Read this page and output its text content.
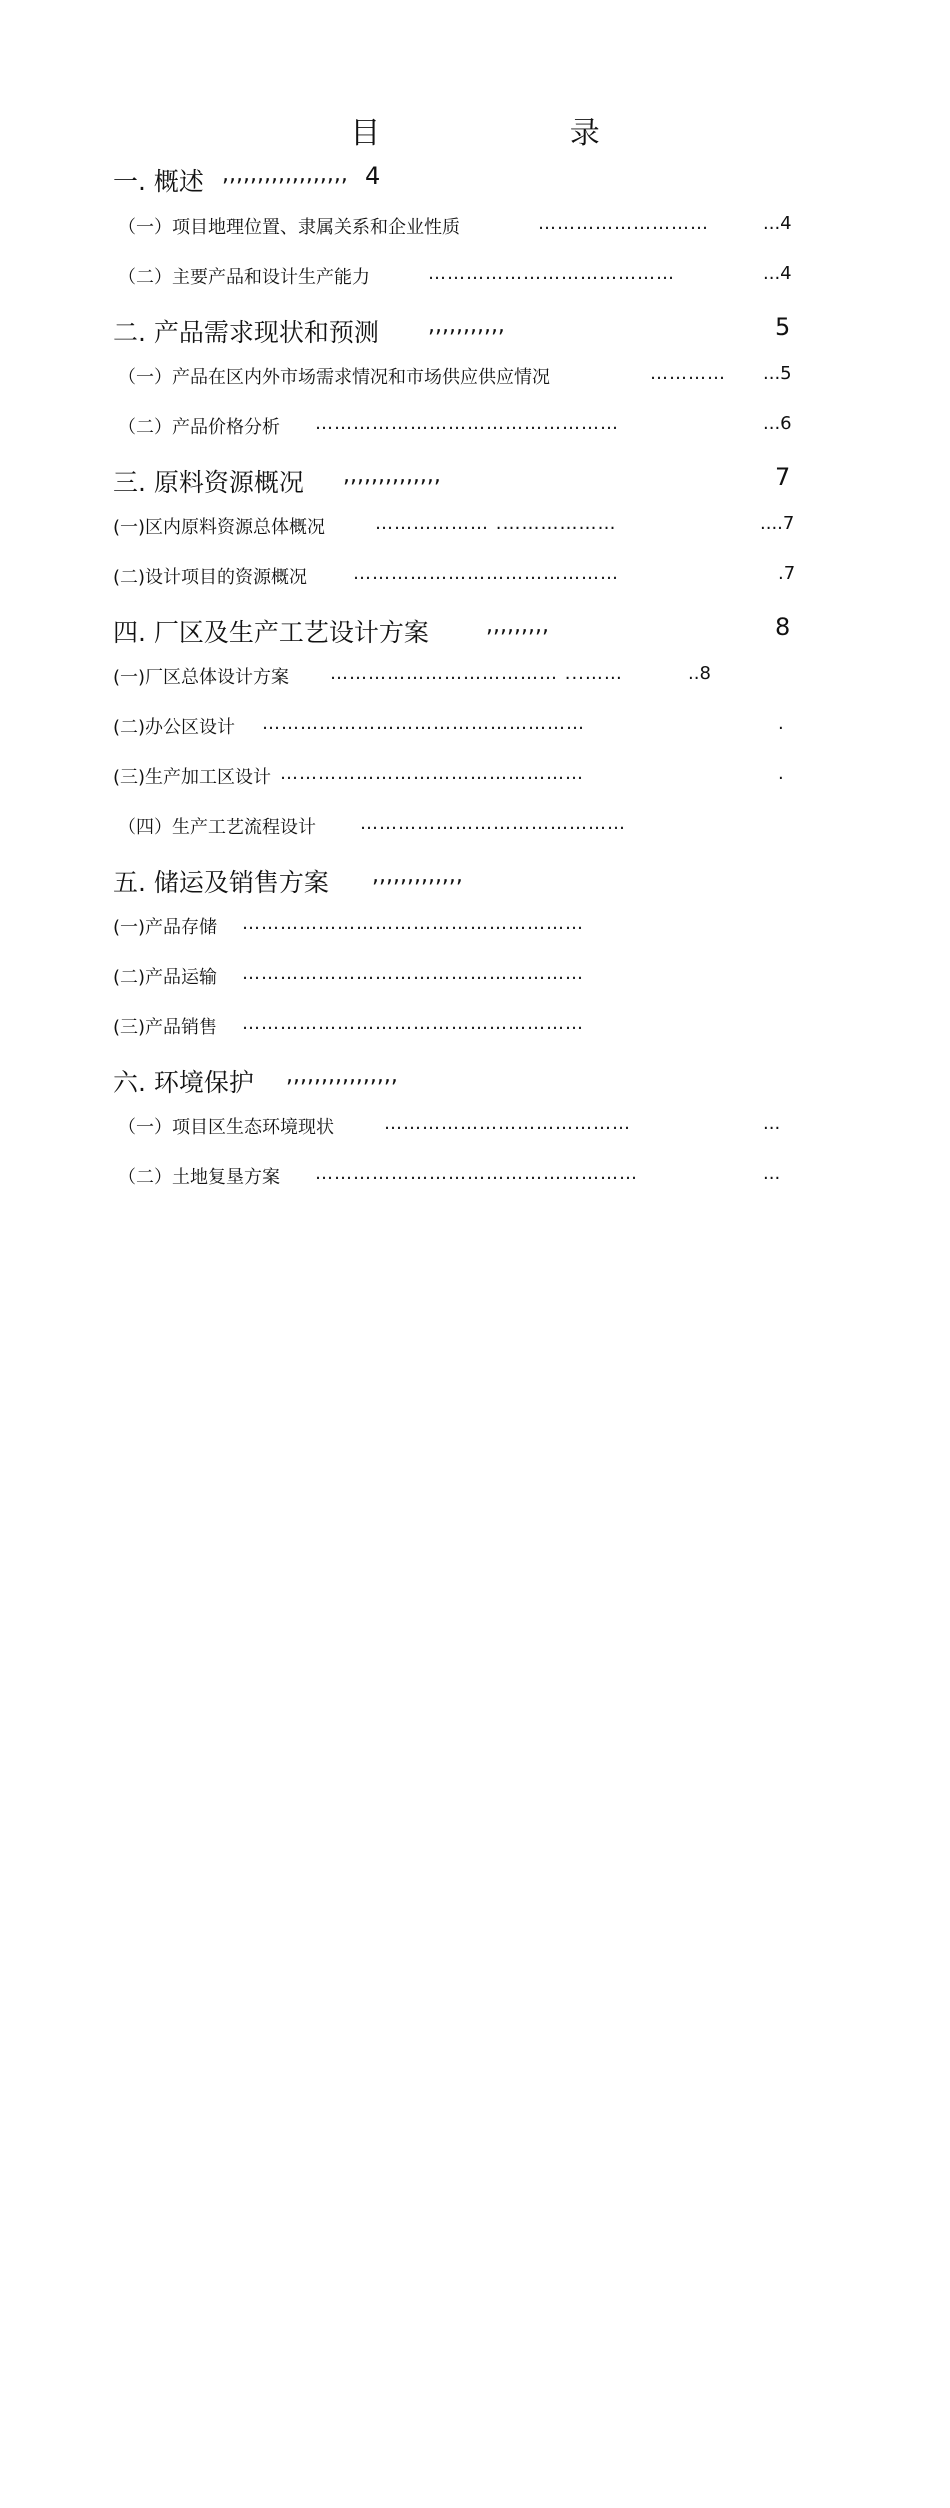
目 录
一. 概述 ,,,,,,,,,,,,,,,,,, 4
（一）项目地理位置、隶属关系和企业性质	………………………	...4
（二）主要产品和设计生产能力	…………………………………	...4
二. 产品需求现状和预测 ,,,,,,,,,,,	5
（一）产品在区内外市场需求情况和市场供应供应情况	………… ...5
（二）产品价格分析 …………………………………………	...6
三. 原料资源概况 ,,,,,,,,,,,,,,	7
(一)区内原料资源总体概况	……………… .………………	....7
(二)设计项目的资源概况	……………………………………	.7
四. 厂区及生产工艺设计方案	,,,,,,,,,	8
(一)厂区总体设计方案 ……………………………… ...……	..8
(二)办公区设计 ……………………………………………	.
(三)生产加工区设计 …………………………………………	.
（四）生产工艺流程设计 ……………………………………
五. 储运及销售方案 ,,,,,,,,,,,,,
(一)产品存储 ………………………………………………
(二)产品运输 ………………………………………………
(三)产品销售 ………………………………………………
六. 环境保护 ,,,,,,,,,,,,,,,,
（一）项目区生态环境现状	…………………………………	...
（二）土地复垦方案 ……………………………………………	...
